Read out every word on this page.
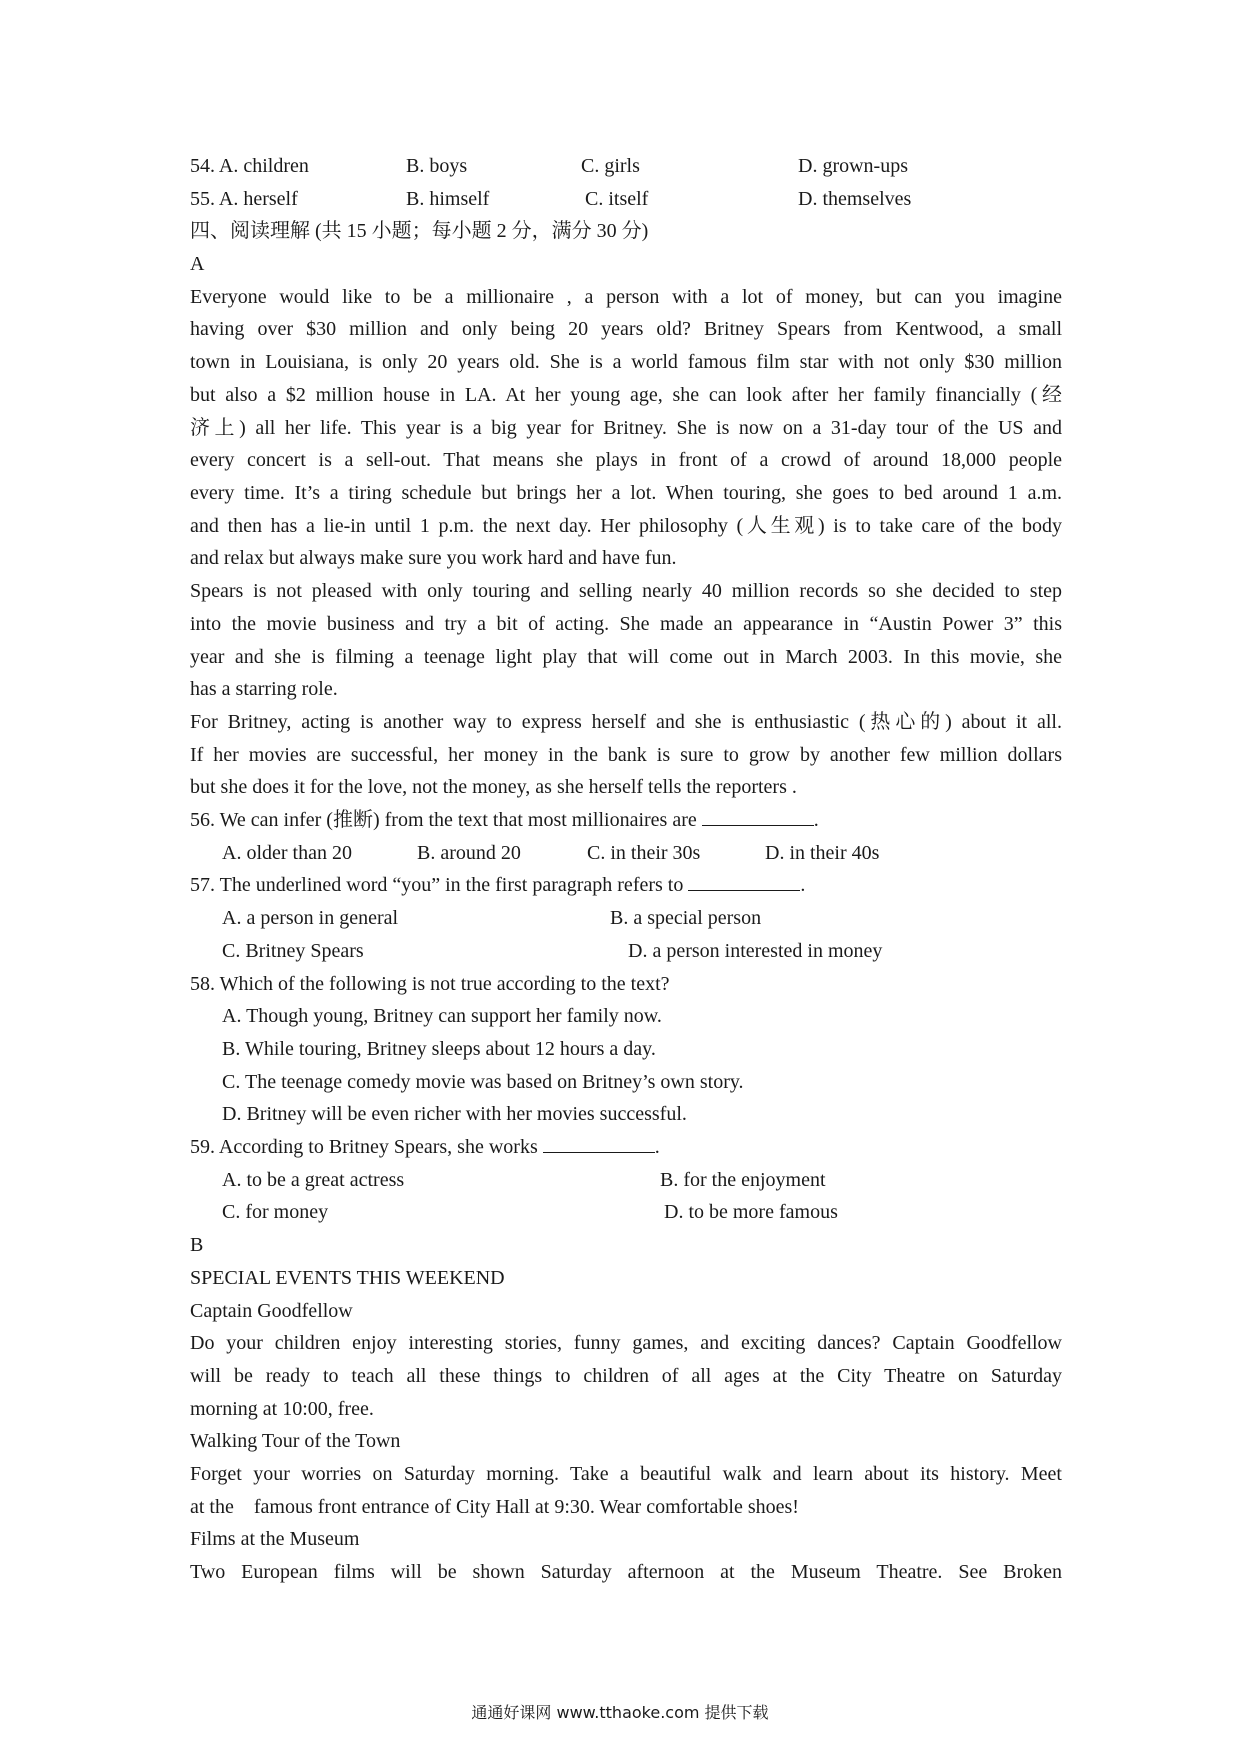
54. A. children	B. boys	C. girls	D. grown-ups
55. A. herself	B. himself	C. itself	D. themselves
四、阅读理解 (共 15 小题；每小题 2 分，满分 30 分)
A
Everyone would like to be a millionaire , a person with a lot of money, but can you imagine
having over $30 million and only being 20 years old? Britney Spears from Kentwood, a small
town in Louisiana, is only 20 years old. She is a world famous film star with not only $30 million
but also a $2 million house in LA. At her young age, she can look after her family financially (经
济上) all her life. This year is a big year for Britney. She is now on a 31-day tour of the US and
every concert is a sell-out. That means she plays in front of a crowd of around 18,000 people
every time. It’s a tiring schedule but brings her a lot. When touring, she goes to bed around 1 a.m.
and then has a lie-in until 1 p.m. the next day. Her philosophy (人生观) is to take care of the body
and relax but always make sure you work hard and have fun.
Spears is not pleased with only touring and selling nearly 40 million records so she decided to step
into the movie business and try a bit of acting. She made an appearance in “Austin Power 3” this
year and she is filming a teenage light play that will come out in March 2003. In this movie, she
has a starring role.
For Britney, acting is another way to express herself and she is enthusiastic (热心的) about it all.
If her movies are successful, her money in the bank is sure to grow by another few million dollars
but she does it for the love, not the money, as she herself tells the reporters .
56. We can infer (推断) from the text that most millionaires are	.
A. older than 20	B. around 20	C. in their 30s	D. in their 40s
57. The underlined word “you” in the first paragraph refers to	.
A. a person in general	B. a special person
C. Britney Spears	D. a person interested in money
58. Which of the following is not true according to the text?
A. Though young, Britney can support her family now.
B. While touring, Britney sleeps about 12 hours a day.
C. The teenage comedy movie was based on Britney’s own story.
D. Britney will be even richer with her movies successful.
59. According to Britney Spears, she works	.
A. to be a great actress	B. for the enjoyment
C. for money	D. to be more famous
B
SPECIAL EVENTS THIS WEEKEND
Captain Goodfellow
Do your children enjoy interesting stories, funny games, and exciting dances? Captain Goodfellow
will be ready to teach all these things to children of all ages at the City Theatre on Saturday
morning at 10:00, free.
Walking Tour of the Town
Forget your worries on Saturday morning. Take a beautiful walk and learn about its history. Meet
at the    famous front entrance of City Hall at 9:30. Wear comfortable shoes!
Films at the Museum
Two European films will be shown Saturday afternoon at the Museum Theatre. See Broken
通通好课网 www.tthaoke.com 提供下载
